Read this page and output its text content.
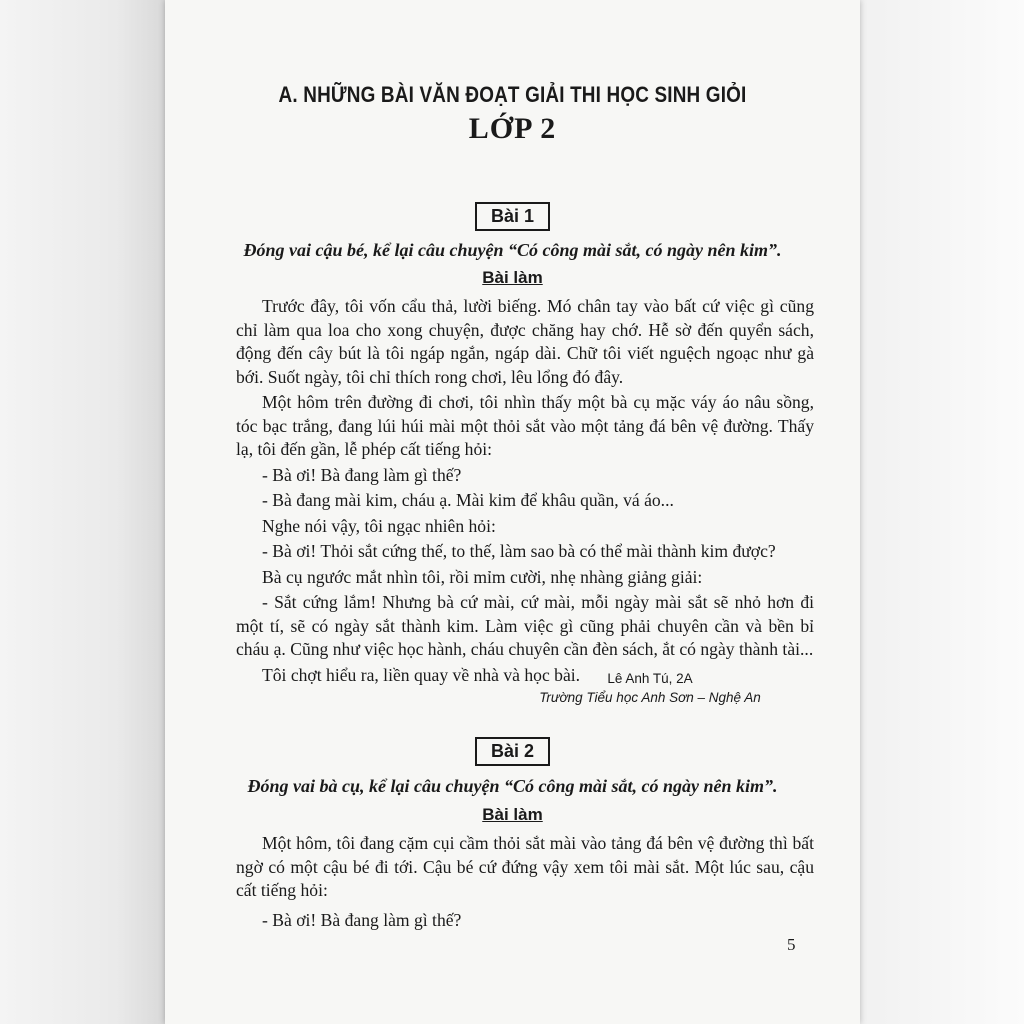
A. NHỮNG BÀI VĂN ĐOẠT GIẢI THI HỌC SINH GIỎI
LỚP 2
Bài 1
Đóng vai cậu bé, kể lại câu chuyện “Có công mài sắt, có ngày nên kim”.
Bài làm

Trước đây, tôi vốn cẩu thả, lười biếng. Mó chân tay vào bất cứ việc gì cũng chỉ làm qua loa cho xong chuyện, được chăng hay chớ. Hễ sờ đến quyển sách, động đến cây bút là tôi ngáp ngắn, ngáp dài. Chữ tôi viết nguệch ngoạc như gà bới. Suốt ngày, tôi chỉ thích rong chơi, lêu lổng đó đây.

Một hôm trên đường đi chơi, tôi nhìn thấy một bà cụ mặc váy áo nâu sồng, tóc bạc trắng, đang lúi húi mài một thỏi sắt vào một tảng đá bên vệ đường. Thấy lạ, tôi đến gần, lễ phép cất tiếng hỏi:

- Bà ơi! Bà đang làm gì thế?

- Bà đang mài kim, cháu ạ. Mài kim để khâu quần, vá áo...

Nghe nói vậy, tôi ngạc nhiên hỏi:

- Bà ơi! Thỏi sắt cứng thế, to thế, làm sao bà có thể mài thành kim được?

Bà cụ ngước mắt nhìn tôi, rồi mỉm cười, nhẹ nhàng giảng giải:

- Sắt cứng lắm! Nhưng bà cứ mài, cứ mài, mỗi ngày mài sắt sẽ nhỏ hơn đi một tí, sẽ có ngày sắt thành kim. Làm việc gì cũng phải chuyên cần và bền bỉ cháu ạ. Cũng như việc học hành, cháu chuyên cần đèn sách, ắt có ngày thành tài...

Tôi chợt hiểu ra, liền quay về nhà và học bài.	Lê Anh Tú, 2A
Trường Tiểu học Anh Sơn – Nghệ An
Bài 2
Đóng vai bà cụ, kể lại câu chuyện “Có công mài sắt, có ngày nên kim”.
Bài làm

Một hôm, tôi đang cặm cụi cầm thỏi sắt mài vào tảng đá bên vệ đường thì bất ngờ có một cậu bé đi tới. Cậu bé cứ đứng vậy xem tôi mài sắt. Một lúc sau, cậu cất tiếng hỏi:

- Bà ơi! Bà đang làm gì thế?

5
